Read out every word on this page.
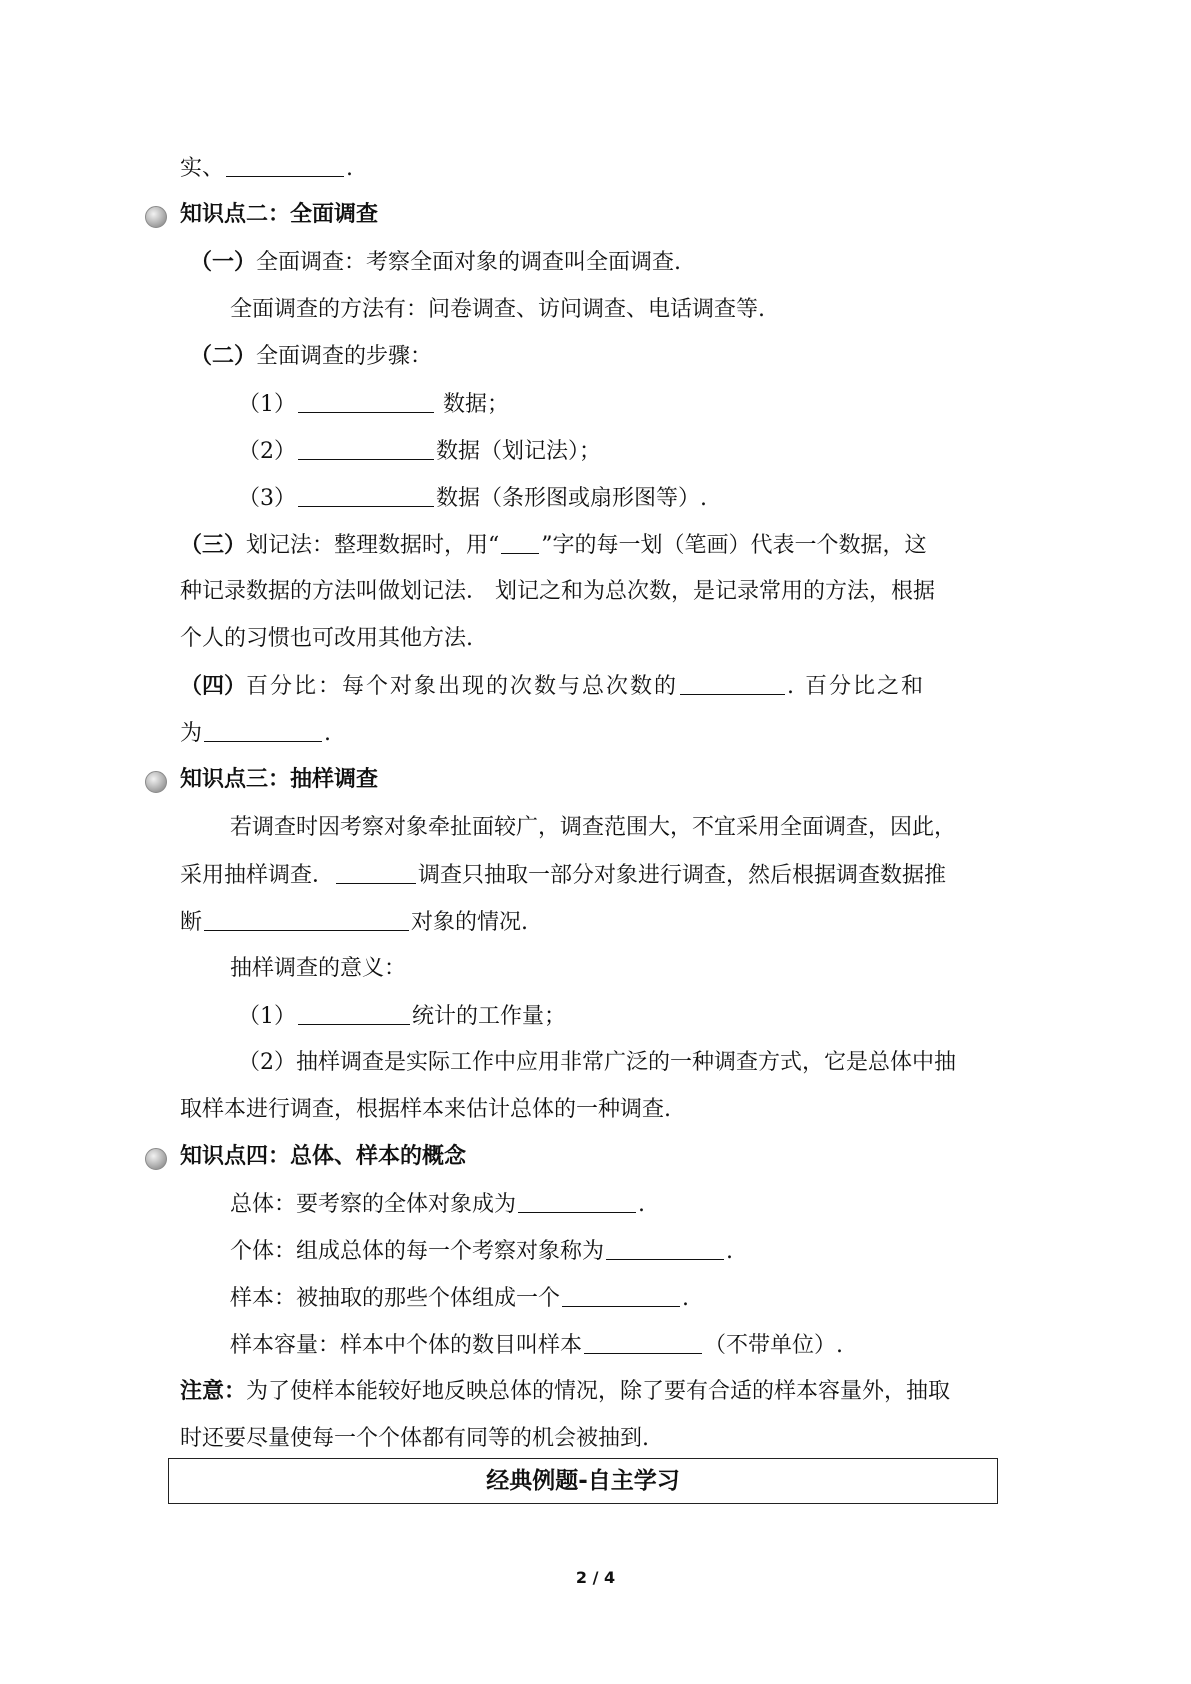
实、	.
知识点二：全面调查
（一）全面调查：考察全面对象的调查叫全面调查.
全面调查的方法有：问卷调查、访问调查、电话调查等.
（二）全面调查的步骤：
（1）	数据；
（2）	数据（划记法）；
（3）	数据（条形图或扇形图等）.
（三）划记法：整理数据时，用“ ”字的每一划（笔画）代表一个数据，这
种记录数据的方法叫做划记法． 划记之和为总次数，是记录常用的方法，根据
个人的习惯也可改用其他方法.
（四）百分比：每个对象出现的次数与总次数的	. 百分比之和
为	.
知识点三：抽样调查
若调查时因考察对象牵扯面较广，调查范围大，不宜采用全面调查，因此，
采用抽样调查．	调查只抽取一部分对象进行调查，然后根据调查数据推
断	对象的情况.
抽样调查的意义：
（1）	统计的工作量；
（2）抽样调查是实际工作中应用非常广泛的一种调查方式，它是总体中抽
取样本进行调查，根据样本来估计总体的一种调查.
知识点四：总体、样本的概念
总体：要考察的全体对象成为	.
个体：组成总体的每一个考察对象称为	.
样本：被抽取的那些个体组成一个	.
样本容量：样本中个体的数目叫样本	（不带单位）.
注意：为了使样本能较好地反映总体的情况，除了要有合适的样本容量外，抽取
时还要尽量使每一个个体都有同等的机会被抽到.
经典例题-自主学习
2 / 4
